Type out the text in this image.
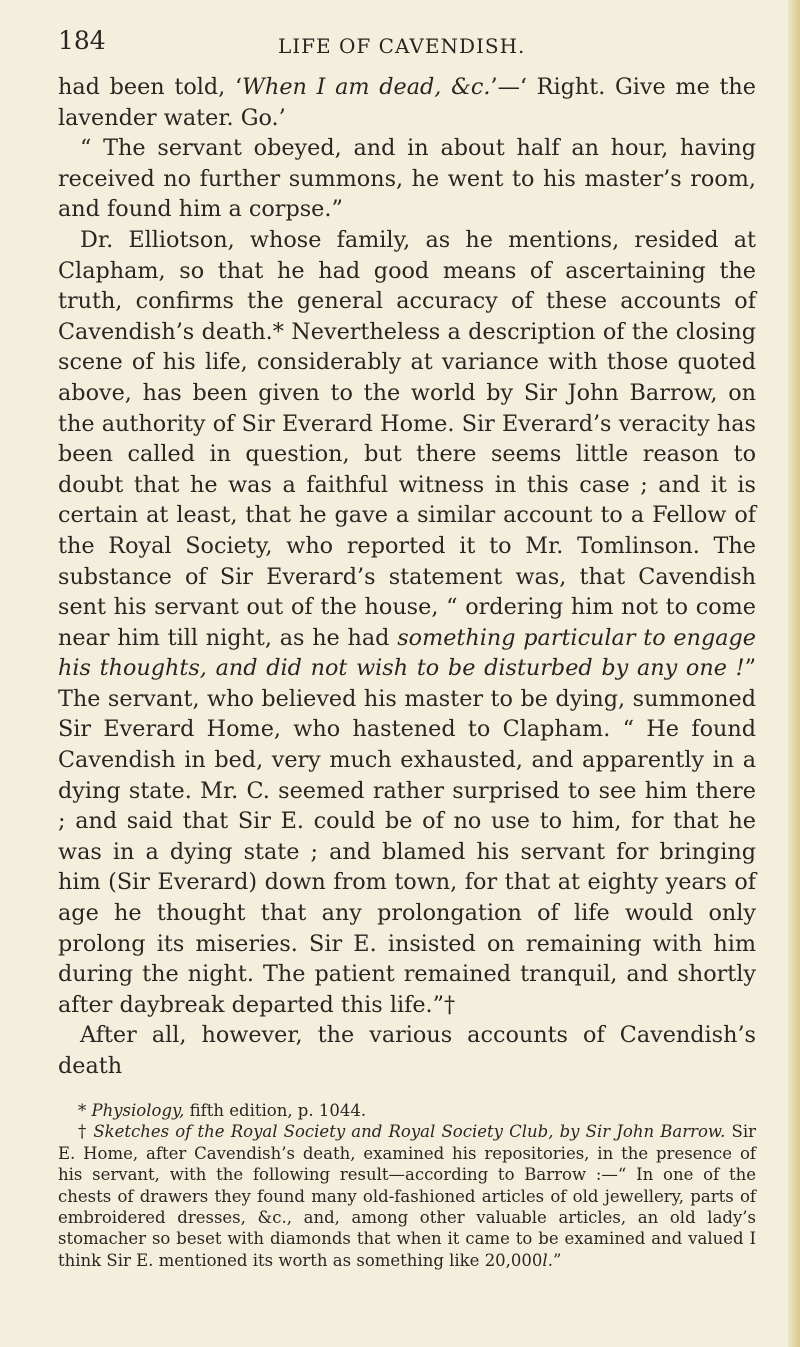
184	LIFE OF CAVENDISH.

had been told, ‘When I am dead, &c.’—‘ Right. Give me the lavender water. Go.’

“ The servant obeyed, and in about half an hour, having received no further summons, he went to his master’s room, and found him a corpse.”

Dr. Elliotson, whose family, as he mentions, resided at Clapham, so that he had good means of ascertaining the truth, confirms the general accuracy of these accounts of Cavendish’s death.* Nevertheless a description of the closing scene of his life, considerably at variance with those quoted above, has been given to the world by Sir John Barrow, on the authority of Sir Everard Home. Sir Everard’s veracity has been called in question, but there seems little reason to doubt that he was a faithful witness in this case ; and it is certain at least, that he gave a similar account to a Fellow of the Royal Society, who reported it to Mr. Tomlinson. The substance of Sir Everard’s statement was, that Cavendish sent his servant out of the house, “ ordering him not to come near him till night, as he had something particular to engage his thoughts, and did not wish to be disturbed by any one !” The servant, who believed his master to be dying, summoned Sir Everard Home, who hastened to Clapham. “ He found Cavendish in bed, very much exhausted, and apparently in a dying state. Mr. C. seemed rather surprised to see him there ; and said that Sir E. could be of no use to him, for that he was in a dying state ; and blamed his servant for bringing him (Sir Everard) down from town, for that at eighty years of age he thought that any prolongation of life would only prolong its miseries. Sir E. insisted on remaining with him during the night. The patient remained tranquil, and shortly after daybreak departed this life.”†

After all, however, the various accounts of Cavendish’s death

* Physiology, fifth edition, p. 1044.

† Sketches of the Royal Society and Royal Society Club, by Sir John Barrow. Sir E. Home, after Cavendish’s death, examined his repositories, in the presence of his servant, with the following result—according to Barrow :—“ In one of the chests of drawers they found many old-fashioned articles of old jewellery, parts of embroidered dresses, &c., and, among other valuable articles, an old lady’s stomacher so beset with diamonds that when it came to be examined and valued I think Sir E. mentioned its worth as something like 20,000l.”
